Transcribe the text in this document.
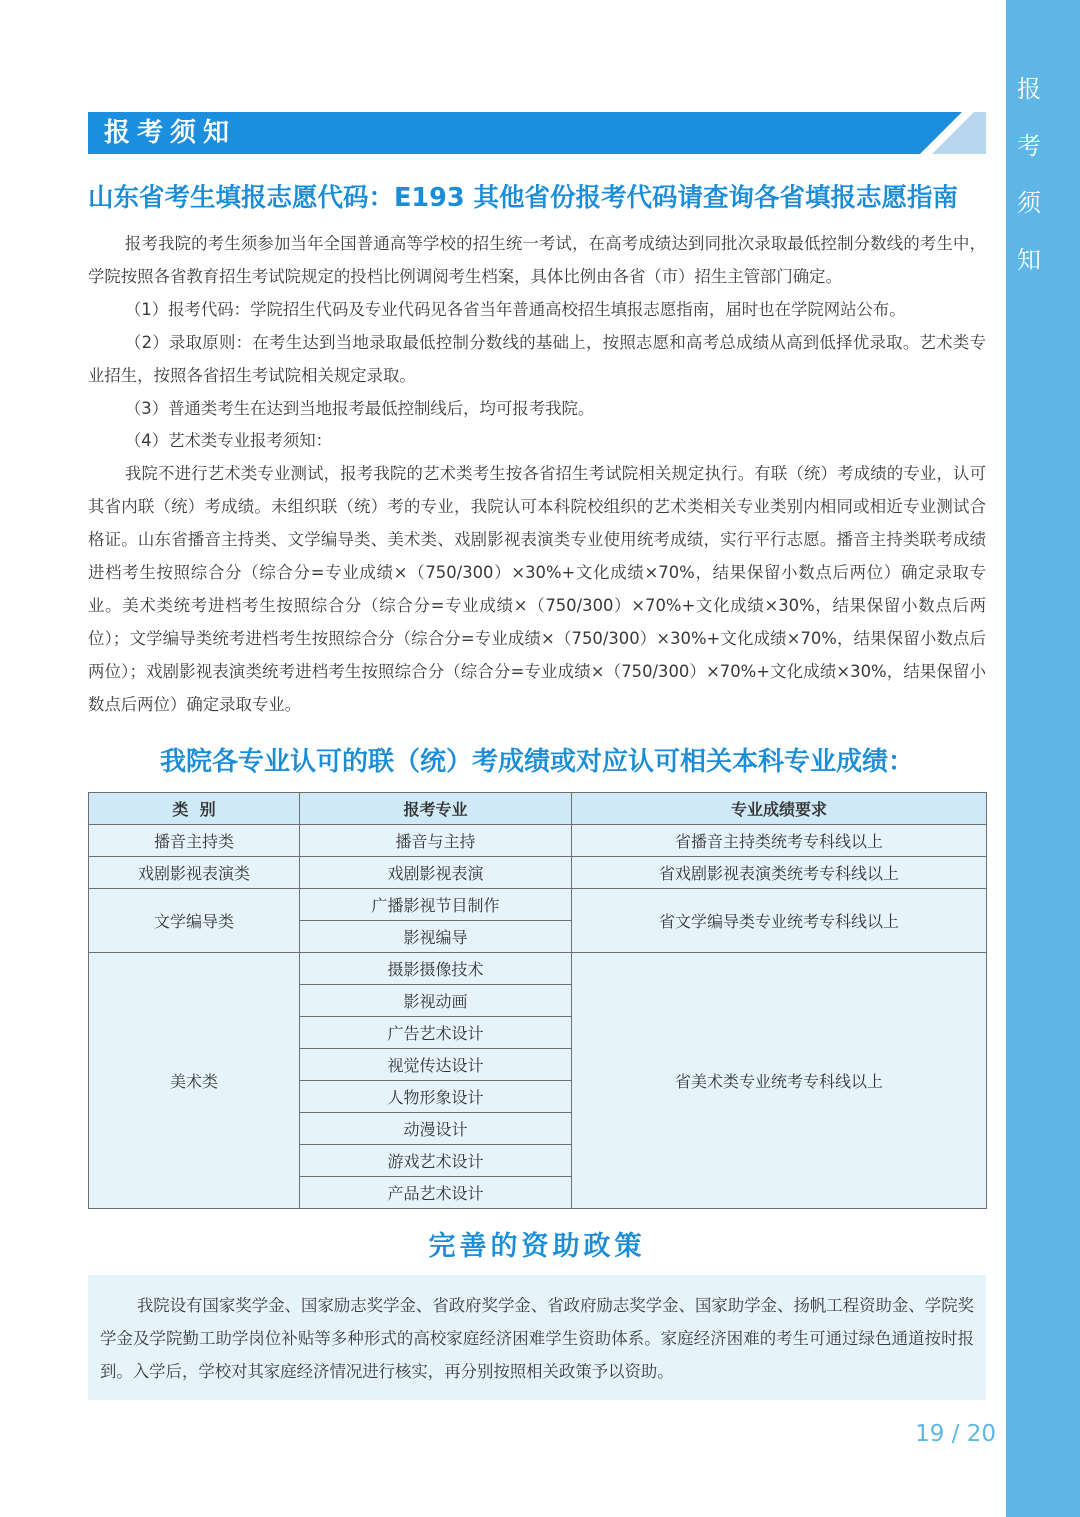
报
考
须
知
报考须知
山东省考生填报志愿代码：E193 其他省份报考代码请查询各省填报志愿指南

报考我院的考生须参加当年全国普通高等学校的招生统一考试，在高考成绩达到同批次录取最低控制分数线的考生中，学院按照各省教育招生考试院规定的投档比例调阅考生档案，具体比例由各省（市）招生主管部门确定。

（1）报考代码：学院招生代码及专业代码见各省当年普通高校招生填报志愿指南，届时也在学院网站公布。

（2）录取原则：在考生达到当地录取最低控制分数线的基础上，按照志愿和高考总成绩从高到低择优录取。艺术类专业招生，按照各省招生考试院相关规定录取。

（3）普通类考生在达到当地报考最低控制线后，均可报考我院。

（4）艺术类专业报考须知：

我院不进行艺术类专业测试，报考我院的艺术类考生按各省招生考试院相关规定执行。有联（统）考成绩的专业，认可其省内联（统）考成绩。未组织联（统）考的专业，我院认可本科院校组织的艺术类相关专业类别内相同或相近专业测试合格证。山东省播音主持类、文学编导类、美术类、戏剧影视表演类专业使用统考成绩，实行平行志愿。播音主持类联考成绩进档考生按照综合分（综合分=专业成绩×（750/300）×30%+文化成绩×70%，结果保留小数点后两位）确定录取专业。美术类统考进档考生按照综合分（综合分=专业成绩×（750/300）×70%+文化成绩×30%，结果保留小数点后两位）；文学编导类统考进档考生按照综合分（综合分=专业成绩×（750/300）×30%+文化成绩×70%，结果保留小数点后两位）；戏剧影视表演类统考进档考生按照综合分（综合分=专业成绩×（750/300）×70%+文化成绩×30%，结果保留小数点后两位）确定录取专业。

我院各专业认可的联（统）考成绩或对应认可相关本科专业成绩：
类  别	报考专业	专业成绩要求
播音主持类	播音与主持	省播音主持类统考专科线以上
戏剧影视表演类	戏剧影视表演	省戏剧影视表演类统考专科线以上
文学编导类	广播影视节目制作	省文学编导类专业统考专科线以上
	影视编导	
美术类	摄影摄像技术	省美术类专业统考专科线以上
	影视动画	
	广告艺术设计	
	视觉传达设计	
	人物形象设计	
	动漫设计	
	游戏艺术设计	
	产品艺术设计	
完善的资助政策

我院设有国家奖学金、国家励志奖学金、省政府奖学金、省政府励志奖学金、国家助学金、扬帆工程资助金、学院奖学金及学院勤工助学岗位补贴等多种形式的高校家庭经济困难学生资助体系。家庭经济困难的考生可通过绿色通道按时报到。入学后，学校对其家庭经济情况进行核实，再分别按照相关政策予以资助。

19 / 20
